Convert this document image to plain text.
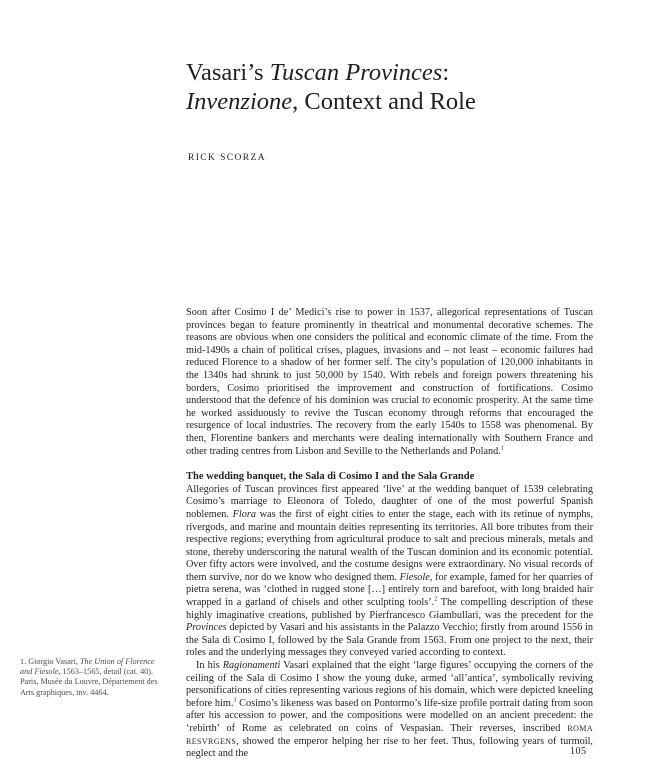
Vasari’s Tuscan Provinces:
Invenzione, Context and Role
RICK SCORZA

Soon after Cosimo I de’ Medici’s rise to power in 1537, allegorical representations of Tuscan provinces began to feature prominently in theatrical and monumental decorative schemes. The reasons are obvious when one considers the political and economic climate of the time. From the mid-1490s a chain of political crises, plagues, invasions and – not least – economic failures had reduced Florence to a shadow of her former self. The city’s population of 120,000 inhabitants in the 1340s had shrunk to just 50,000 by 1540. With rebels and foreign powers threatening his borders, Cosimo prioritised the improvement and construction of fortifications. Cosimo understood that the defence of his dominion was crucial to economic prosperity. At the same time he worked assiduously to revive the Tuscan economy through reforms that encouraged the resurgence of local industries. The recovery from the early 1540s to 1558 was phenomenal. By then, Florentine bankers and merchants were dealing internationally with Southern France and other trading centres from Lisbon and Seville to the Netherlands and Poland.$^1$

The wedding banquet, the Sala di Cosimo I and the Sala Grande

Allegories of Tuscan provinces first appeared ‘live’ at the wedding banquet of 1539 celebrating Cosimo’s marriage to Eleonora of Toledo, daughter of one of the most powerful Spanish noblemen. Flora was the first of eight cities to enter the stage, each with its retinue of nymphs, rivergods, and marine and mountain deities representing its territories. All bore tributes from their respective regions; everything from agricultural produce to salt and precious minerals, metals and stone, thereby underscoring the natural wealth of the Tuscan dominion and its economic potential. Over fifty actors were involved, and the costume designs were extraordinary. No visual records of them survive, nor do we know who designed them. Fiesole, for example, famed for her quarries of pietra serena, was ‘clothed in rugged stone […] entirely torn and barefoot, with long braided hair wrapped in a garland of chisels and other sculpting tools’.$^2$ The compelling description of these highly imaginative creations, published by Pierfrancesco Giambullari, was the precedent for the Provinces depicted by Vasari and his assistants in the Palazzo Vecchio; firstly from around 1556 in the Sala di Cosimo I, followed by the Sala Grande from 1563. From one project to the next, their roles and the underlying messages they conveyed varied according to context.

In his Ragionamenti Vasari explained that the eight ‘large figures’ occupying the corners of the ceiling of the Sala di Cosimo I show the young duke, armed ‘all’antica’, symbolically reviving personifications of cities representing various regions of his domain, which were depicted kneeling before him.$^3$ Cosimo’s likeness was based on Pontormo’s life-size profile portrait dating from soon after his accession to power, and the compositions were modelled on an ancient precedent: the ‘rebirth’ of Rome as celebrated on coins of Vespasian. Their reverses, inscribed ROMA RESVRGENS, showed the emperor helping her rise to her feet. Thus, following years of turmoil, neglect and the

1. Giorgio Vasari, The Union of Florence and Fiesole, 1563–1565, detail (cat. 40). Paris, Musée du Louvre, Département des Arts graphiques, inv. 4464.
105
